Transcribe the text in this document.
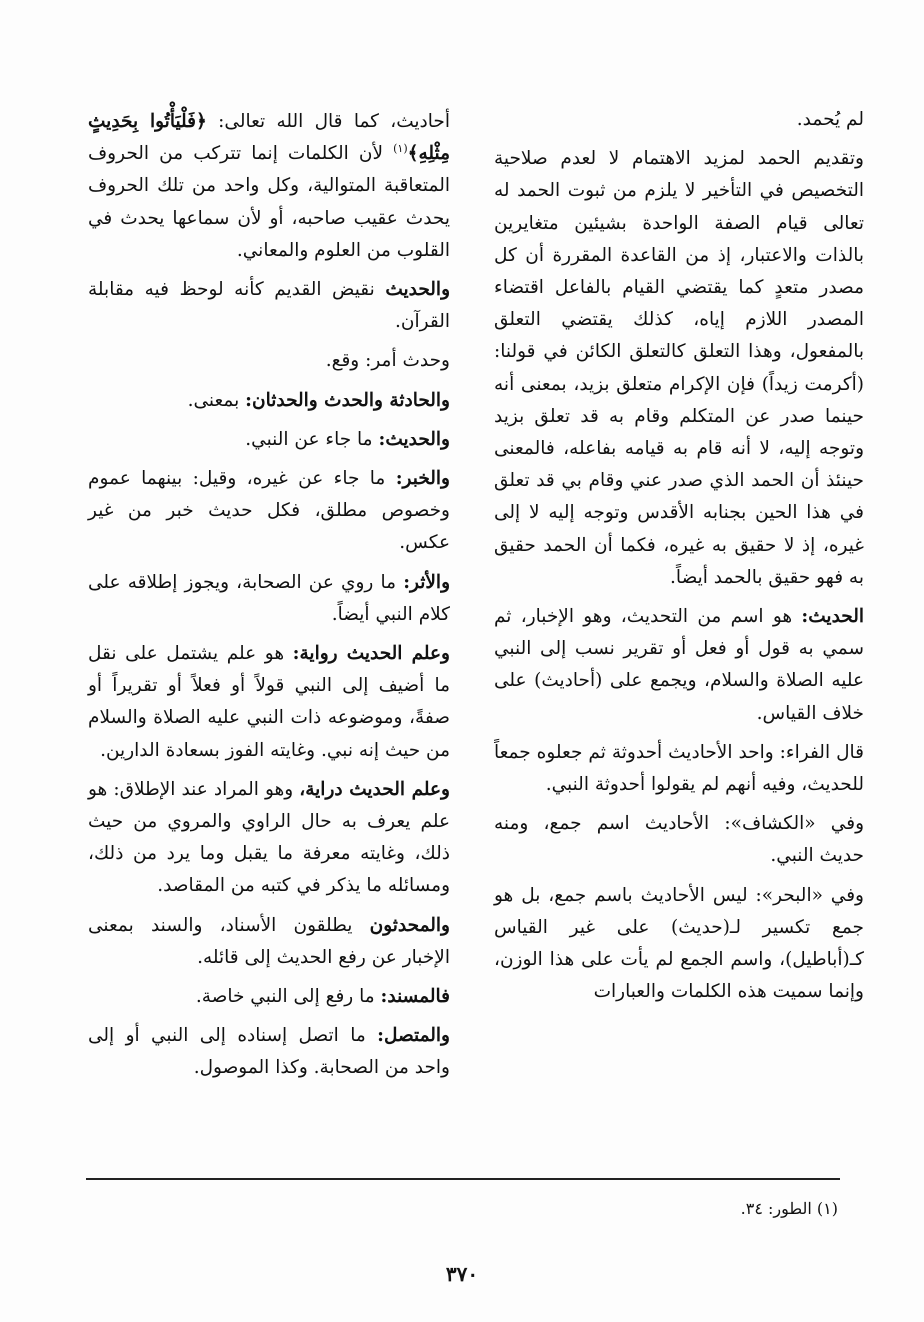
لم يُحمد.

وتقديم الحمد لمزيد الاهتمام لا لعدم صلاحية التخصيص في التأخير لا يلزم من ثبوت الحمد له تعالى قيام الصفة الواحدة بشيئين متغايرين بالذات والاعتبار، إذ من القاعدة المقررة أن كل مصدر متعدٍ كما يقتضي القيام بالفاعل اقتضاء المصدر اللازم إياه، كذلك يقتضي التعلق بالمفعول، وهذا التعلق كالتعلق الكائن في قولنا: (أكرمت زيداً) فإن الإكرام متعلق بزيد، بمعنى أنه حينما صدر عن المتكلم وقام به قد تعلق بزيد وتوجه إليه، لا أنه قام به قيامه بفاعله، فالمعنى حينئذ أن الحمد الذي صدر عني وقام بي قد تعلق في هذا الحين بجنابه الأقدس وتوجه إليه لا إلى غيره، إذ لا حقيق به غيره، فكما أن الحمد حقيق به فهو حقيق بالحمد أيضاً.

الحديث: هو اسم من التحديث، وهو الإخبار، ثم سمي به قول أو فعل أو تقرير نسب إلى النبي عليه الصلاة والسلام، ويجمع على (أحاديث) على خلاف القياس.

قال الفراء: واحد الأحاديث أحدوثة ثم جعلوه جمعاً للحديث، وفيه أنهم لم يقولوا أحدوثة النبي.

وفي «الكشاف»: الأحاديث اسم جمع، ومنه حديث النبي.

وفي «البحر»: ليس الأحاديث باسم جمع، بل هو جمع تكسير لـ(حديث) على غير القياس كـ(أباطيل)، واسم الجمع لم يأت على هذا الوزن، وإنما سميت هذه الكلمات والعبارات

أحاديث، كما قال الله تعالى: ﴿فَلْيَأْتُوا بِحَدِيثٍ مِثْلِهِ﴾$^{(١)}$ لأن الكلمات إنما تتركب من الحروف المتعاقبة المتوالية، وكل واحد من تلك الحروف يحدث عقيب صاحبه، أو لأن سماعها يحدث في القلوب من العلوم والمعاني.

والحديث نقيض القديم كأنه لوحظ فيه مقابلة القرآن.

وحدث أمر: وقع.

والحادثة والحدث والحدثان: بمعنى.

والحديث: ما جاء عن النبي.

والخبر: ما جاء عن غيره، وقيل: بينهما عموم وخصوص مطلق، فكل حديث خبر من غير عكس.

والأثر: ما روي عن الصحابة، ويجوز إطلاقه على كلام النبي أيضاً.

وعلم الحديث رواية: هو علم يشتمل على نقل ما أضيف إلى النبي قولاً أو فعلاً أو تقريراً أو صفةً، وموضوعه ذات النبي عليه الصلاة والسلام من حيث إنه نبي. وغايته الفوز بسعادة الدارين.

وعلم الحديث دراية، وهو المراد عند الإطلاق: هو علم يعرف به حال الراوي والمروي من حيث ذلك، وغايته معرفة ما يقبل وما يرد من ذلك، ومسائله ما يذكر في كتبه من المقاصد.

والمحدثون يطلقون الأسناد، والسند بمعنى الإخبار عن رفع الحديث إلى قائله.

فالمسند: ما رفع إلى النبي خاصة.

والمتصل: ما اتصل إسناده إلى النبي أو إلى واحد من الصحابة. وكذا الموصول.

(١) الطور: ٣٤.
٣٧٠
